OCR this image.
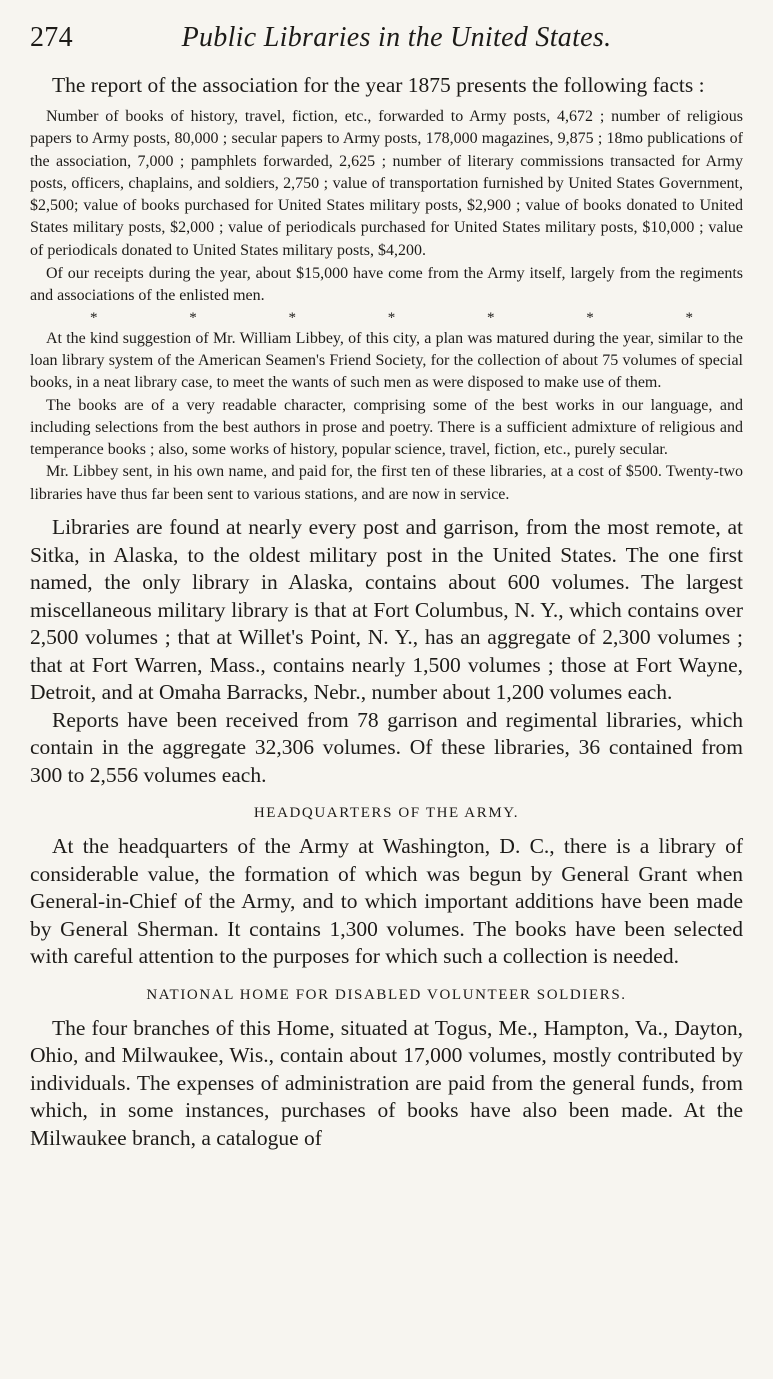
274	Public Libraries in the United States.

The report of the association for the year 1875 presents the following facts :

Number of books of history, travel, fiction, etc., forwarded to Army posts, 4,672 ; number of religious papers to Army posts, 80,000 ; secular papers to Army posts, 178,000 magazines, 9,875 ; 18mo publications of the association, 7,000 ; pamphlets forwarded, 2,625 ; number of literary commissions transacted for Army posts, officers, chaplains, and soldiers, 2,750 ; value of transportation furnished by United States Government, $2,500; value of books purchased for United States military posts, $2,900 ; value of books donated to United States military posts, $2,000 ; value of periodicals purchased for United States military posts, $10,000 ; value of periodicals donated to United States military posts, $4,200.

Of our receipts during the year, about $15,000 have come from the Army itself, largely from the regiments and associations of the enlisted men.

*	*	*	*	*	*	*

At the kind suggestion of Mr. William Libbey, of this city, a plan was matured during the year, similar to the loan library system of the American Seamen's Friend Society, for the collection of about 75 volumes of special books, in a neat library case, to meet the wants of such men as were disposed to make use of them.

The books are of a very readable character, comprising some of the best works in our language, and including selections from the best authors in prose and poetry. There is a sufficient admixture of religious and temperance books ; also, some works of history, popular science, travel, fiction, etc., purely secular.

Mr. Libbey sent, in his own name, and paid for, the first ten of these libraries, at a cost of $500. Twenty-two libraries have thus far been sent to various stations, and are now in service.

Libraries are found at nearly every post and garrison, from the most remote, at Sitka, in Alaska, to the oldest military post in the United States. The one first named, the only library in Alaska, contains about 600 volumes. The largest miscellaneous military library is that at Fort Columbus, N. Y., which contains over 2,500 volumes ; that at Willet's Point, N. Y., has an aggregate of 2,300 volumes ; that at Fort Warren, Mass., contains nearly 1,500 volumes ; those at Fort Wayne, Detroit, and at Omaha Barracks, Nebr., number about 1,200 volumes each.

Reports have been received from 78 garrison and regimental libraries, which contain in the aggregate 32,306 volumes. Of these libraries, 36 contained from 300 to 2,556 volumes each.

HEADQUARTERS OF THE ARMY.

At the headquarters of the Army at Washington, D. C., there is a library of considerable value, the formation of which was begun by General Grant when General-in-Chief of the Army, and to which important additions have been made by General Sherman. It contains 1,300 volumes. The books have been selected with careful attention to the purposes for which such a collection is needed.

NATIONAL HOME FOR DISABLED VOLUNTEER SOLDIERS.

The four branches of this Home, situated at Togus, Me., Hampton, Va., Dayton, Ohio, and Milwaukee, Wis., contain about 17,000 volumes, mostly contributed by individuals. The expenses of administration are paid from the general funds, from which, in some instances, purchases of books have also been made. At the Milwaukee branch, a catalogue of
